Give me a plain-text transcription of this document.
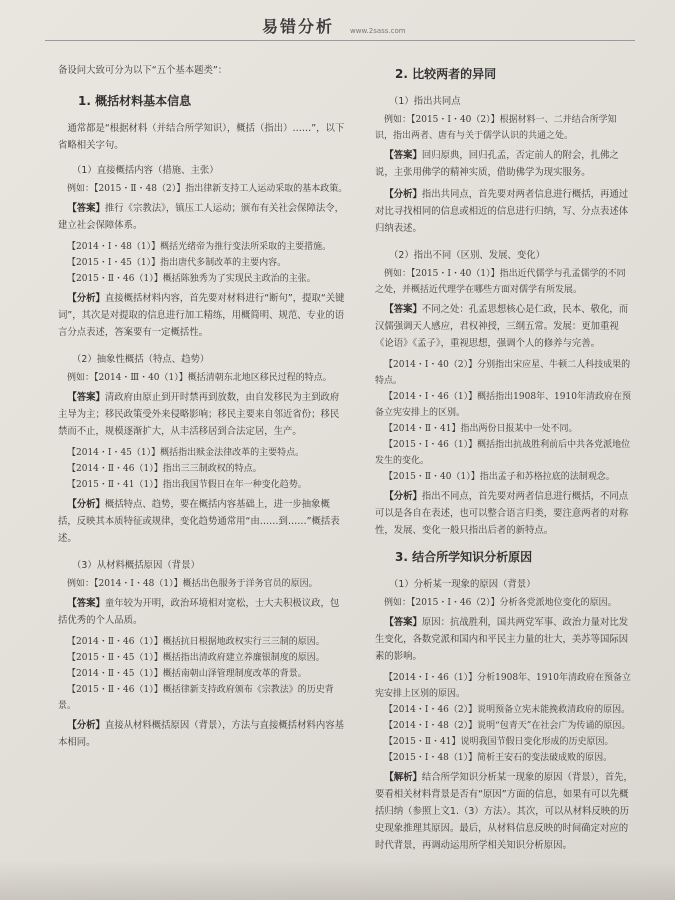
易错分析 www.2sass.com

备设问大致可分为以下“五个基本题类”：

1. 概括材料基本信息

通常都是“根据材料（并结合所学知识），概括（指出）……”，以下省略相关字句。

（1）直接概括内容（措施、主张）

例如：【2015・Ⅱ・48（2）】指出律新支持工人运动采取的基本政策。

【答案】推行《宗教法》，镇压工人运动；颁布有关社会保障法令，建立社会保障体系。

【2014・Ⅰ・48（1）】概括光绪帝为推行变法所采取的主要措施。

【2015・Ⅰ・45（1）】指出唐代多制改革的主要内容。

【2015・Ⅱ・46（1）】概括陈独秀为了实现民主政治的主张。

【分析】直接概括材料内容，首先要对材料进行“断句”，提取“关键词”，其次是对提取的信息进行加工精练，用概简明、规范、专业的语言分点表述，答案要有一定概括性。

（2）抽象性概括（特点、趋势）

例如：【2014・Ⅲ・40（1）】概括清朝东北地区移民过程的特点。

【答案】清政府由原止到开时禁再到放数，由自发移民为主到政府主导为主；移民政策受外来侵略影响；移民主要来自邻近省份；移民禁而不止，规模逐渐扩大，从丰活移居到合法定居，生产。

【2014・Ⅰ・45（1）】概括指出赎金法律改革的主要特点。

【2014・Ⅱ・46（1）】指出三三制政权的特点。

【2015・Ⅱ・41（1）】指出我国节假日在年一种变化趋势。

【分析】概括特点、趋势，要在概括内容基础上，进一步抽象概括，反映其本质特征或规律，变化趋势通常用“由……到……”概括表述。

（3）从材料概括原因（背景）

例如：【2014・Ⅰ・48（1）】概括出色服务于洋务官员的原因。

【答案】童年较为开明，政治环境相对宽松，士大夫积极议政，包括优秀的个人品质。

【2014・Ⅱ・46（1）】概括抗日根据地政权实行三三制的原因。

【2015・Ⅱ・45（1）】概括指出清政府建立养廉银制度的原因。

【2014・Ⅱ・45（1）】概括南朝山泽管理制度改革的背景。

【2015・Ⅱ・46（1）】概括律新支持政府颁布《宗教法》的历史背景。

【分析】直接从材料概括原因（背景），方法与直接概括材料内容基本相同。

2. 比较两者的异同

（1）指出共同点

例如：【2015・Ⅰ・40（2）】根据材料一、二并结合所学知识，指出两者、唐有与关于儒学认识的共通之处。

【答案】回归原典，回归孔孟，否定前人的附会，扎佛之说，主张用佛学的精神实质，借助佛学为现实服务。

【分析】指出共同点，首先要对两者信息进行概括，再通过对比寻找相同的信息或相近的信息进行归纳，写、分点表述体归纳表述。

（2）指出不同（区别、发展、变化）

例如：【2015・Ⅰ・40（1）】指出近代儒学与孔孟儒学的不同之处，并概括近代理学在哪些方面对儒学有所发展。

【答案】不同之处：孔孟思想核心是仁政，民本、敬化，而汉儒强调天人感应，君权神授，三纲五常。发展：更加重视《论语》《孟子》，重视思想，强调个人的修养与完善。

【2014・Ⅰ・40（2）】分别指出宋应星、牛顿二人科技成果的特点。

【2014・Ⅰ・46（1）】概括指出1908年、1910年清政府在预备立宪安排上的区别。

【2014・Ⅱ・41】指出两份日报某中一处不同。

【2015・Ⅰ・46（1）】概括指出抗战胜利前后中共各党派地位发生的变化。

【2015・Ⅱ・40（1）】指出孟子和苏格拉底的法制观念。

【分析】指出不同点，首先要对两者信息进行概括，不同点可以是各自在表述，也可以整合语言归类，要注意两者的对称性，发展、变化一般只指出后者的新特点。

3. 结合所学知识分析原因

（1）分析某一现象的原因（背景）

例如：【2015・Ⅰ・46（2）】分析各党派地位变化的原因。

【答案】原因：抗战胜利，国共两党军事、政治力量对比发生变化，各数党派和国内和平民主力量的壮大，美苏等国际因素的影响。

【2014・Ⅰ・46（1）】分析1908年、1910年清政府在预备立宪安排上区别的原因。

【2014・Ⅰ・46（2）】说明预备立宪未能挽救清政府的原因。

【2014・Ⅰ・48（2）】说明“包青天”在社会广为传诵的原因。

【2015・Ⅱ・41】说明我国节假日变化形成的历史原因。

【2015・Ⅰ・48（1）】简析王安石的变法破成败的原因。

【解析】结合所学知识分析某一现象的原因（背景），首先，要看相关材料背景是否有“原因”方面的信息，如果有可以先概括归纳（参照上文1.（3）方法）。其次，可以从材料反映的历史现象推理其原因。最后，从材料信息反映的时间确定对应的时代背景，再调动运用所学相关知识分析原因。
